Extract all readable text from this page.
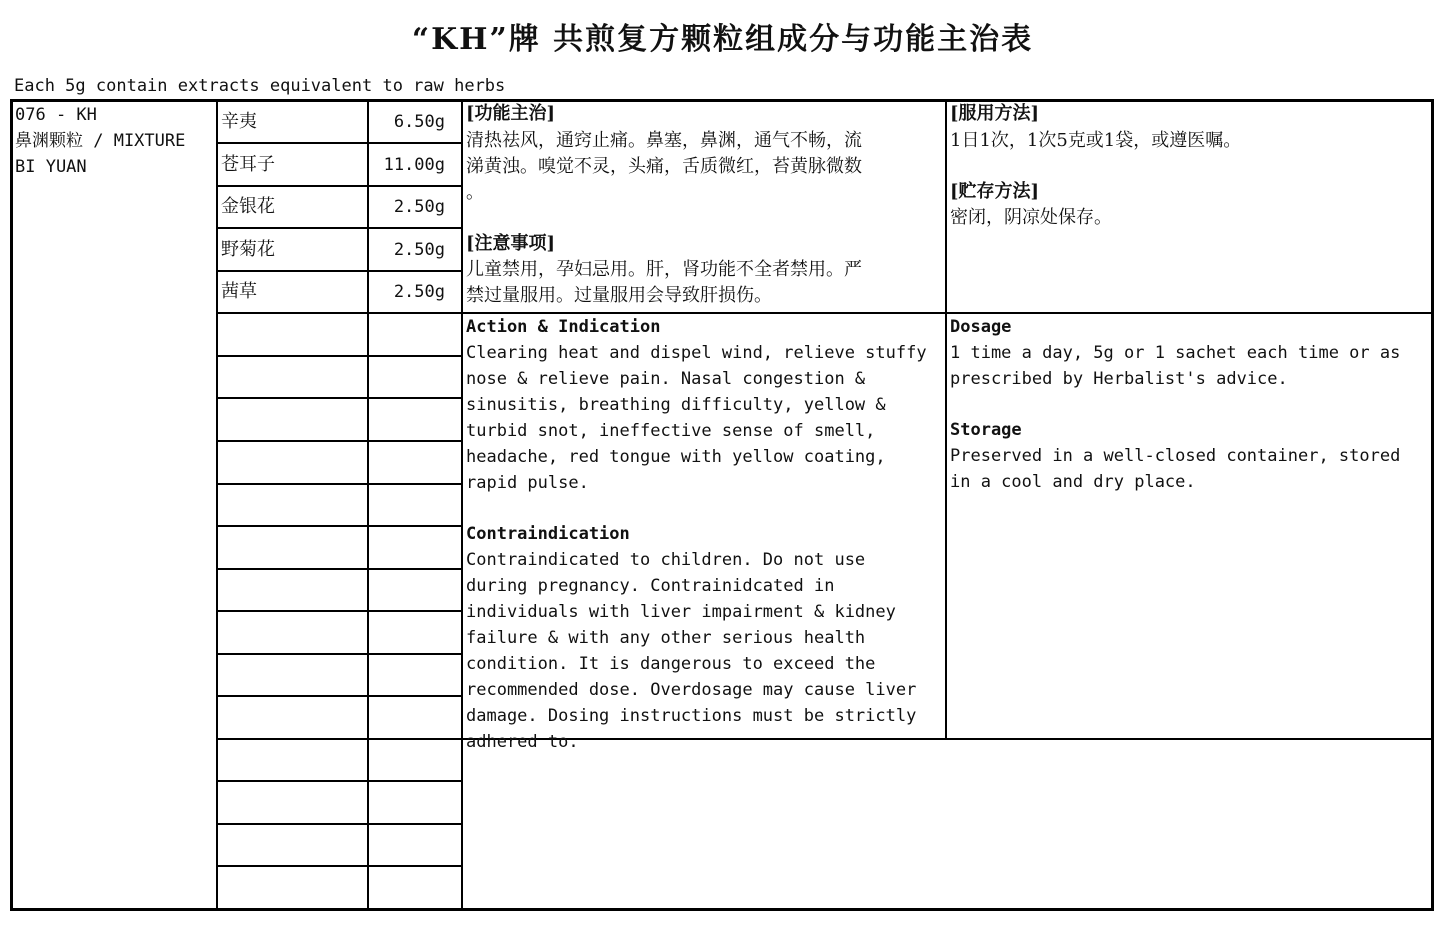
“KH”牌 共煎复方颗粒组成分与功能主治表
Each 5g contain extracts equivalent to raw herbs
076 - KH
鼻渊颗粒 / MIXTURE
BI YUAN
辛夷	6.50g
苍耳子	11.00g
金银花	2.50g
野菊花	2.50g
茜草	2.50g
[功能主治]
清热祛风，通窍止痛。鼻塞，鼻渊，通气不畅，流
涕黄浊。嗅觉不灵，头痛，舌质微红，苔黄脉微数
。
[注意事项]
儿童禁用，孕妇忌用。肝，肾功能不全者禁用。严
禁过量服用。过量服用会导致肝损伤。
[服用方法]
1日1次，1次5克或1袋，或遵医嘱。
[贮存方法]
密闭，阴凉处保存。
Action & Indication
Clearing heat and dispel wind, relieve stuffy
nose & relieve pain. Nasal congestion &
sinusitis, breathing difficulty, yellow &
turbid snot, ineffective sense of smell,
headache, red tongue with yellow coating,
rapid pulse.
Contraindication
Contraindicated to children. Do not use
during pregnancy. Contrainidcated in
individuals with liver impairment & kidney
failure & with any other serious health
condition. It is dangerous to exceed the
recommended dose. Overdosage may cause liver
damage. Dosing instructions must be strictly
adhered to.
Dosage
1 time a day, 5g or 1 sachet each time or as
prescribed by Herbalist's advice.
Storage
Preserved in a well-closed container, stored
in a cool and dry place.
